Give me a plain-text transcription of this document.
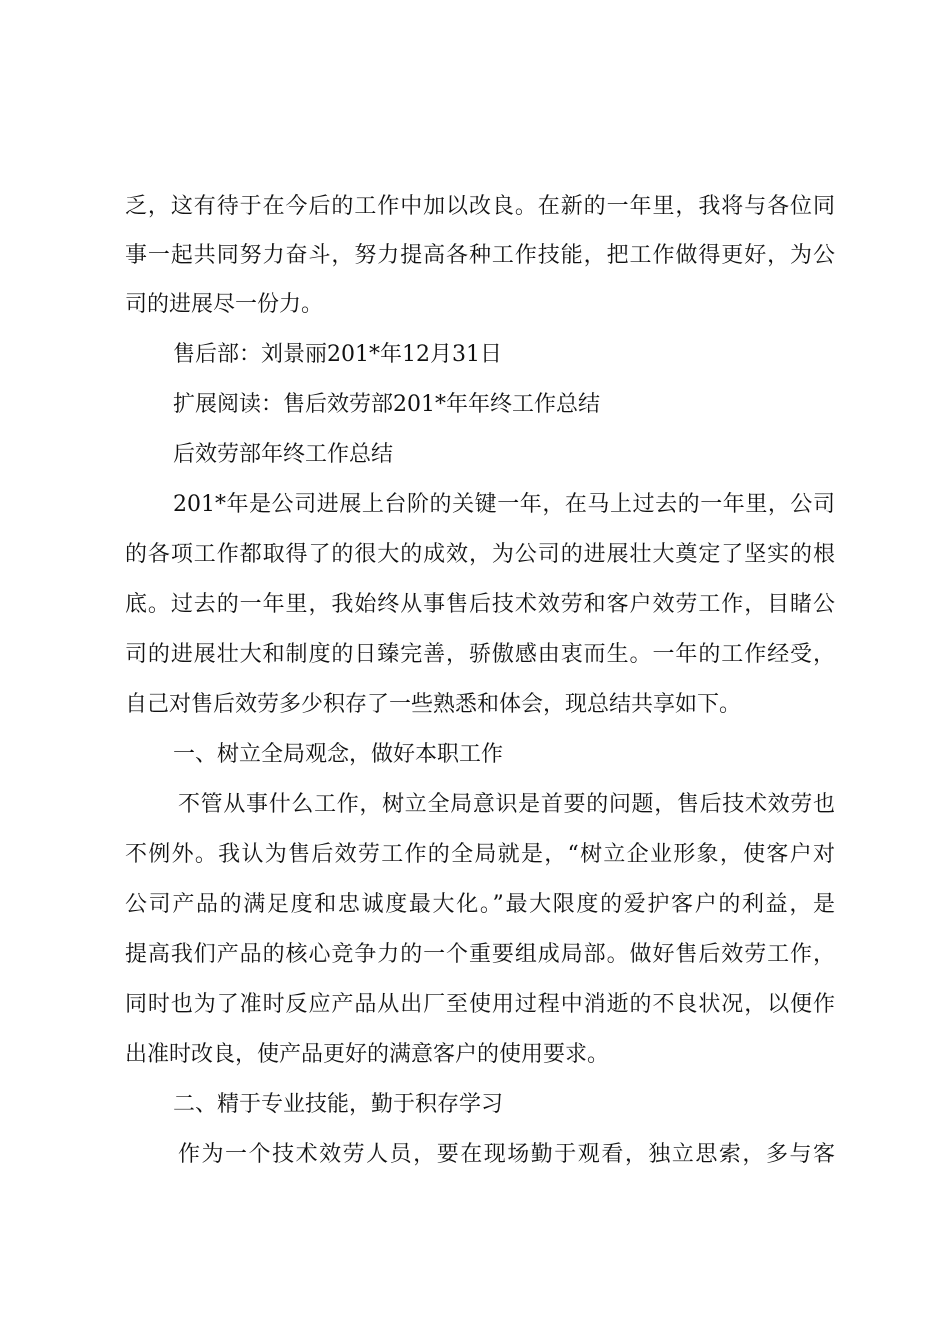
乏，这有待于在今后的工作中加以改良。在新的一年里，我将与各位同
事一起共同努力奋斗，努力提高各种工作技能，把工作做得更好，为公
司的进展尽一份力。
售后部：刘景丽201*年12月31日
扩展阅读：售后效劳部201*年年终工作总结
后效劳部年终工作总结
201*年是公司进展上台阶的关键一年，在马上过去的一年里，公司
的各项工作都取得了的很大的成效，为公司的进展壮大奠定了坚实的根
底。过去的一年里，我始终从事售后技术效劳和客户效劳工作，目睹公
司的进展壮大和制度的日臻完善，骄傲感由衷而生。一年的工作经受，
自己对售后效劳多少积存了一些熟悉和体会，现总结共享如下。
一、树立全局观念，做好本职工作
不管从事什么工作，树立全局意识是首要的问题，售后技术效劳也
不例外。我认为售后效劳工作的全局就是，“树立企业形象，使客户对
公司产品的满足度和忠诚度最大化。”最大限度的爱护客户的利益，是
提高我们产品的核心竞争力的一个重要组成局部。做好售后效劳工作，
同时也为了准时反应产品从出厂至使用过程中消逝的不良状况，以便作
出准时改良，使产品更好的满意客户的使用要求。
二、精于专业技能，勤于积存学习
作为一个技术效劳人员，要在现场勤于观看，独立思索，多与客
